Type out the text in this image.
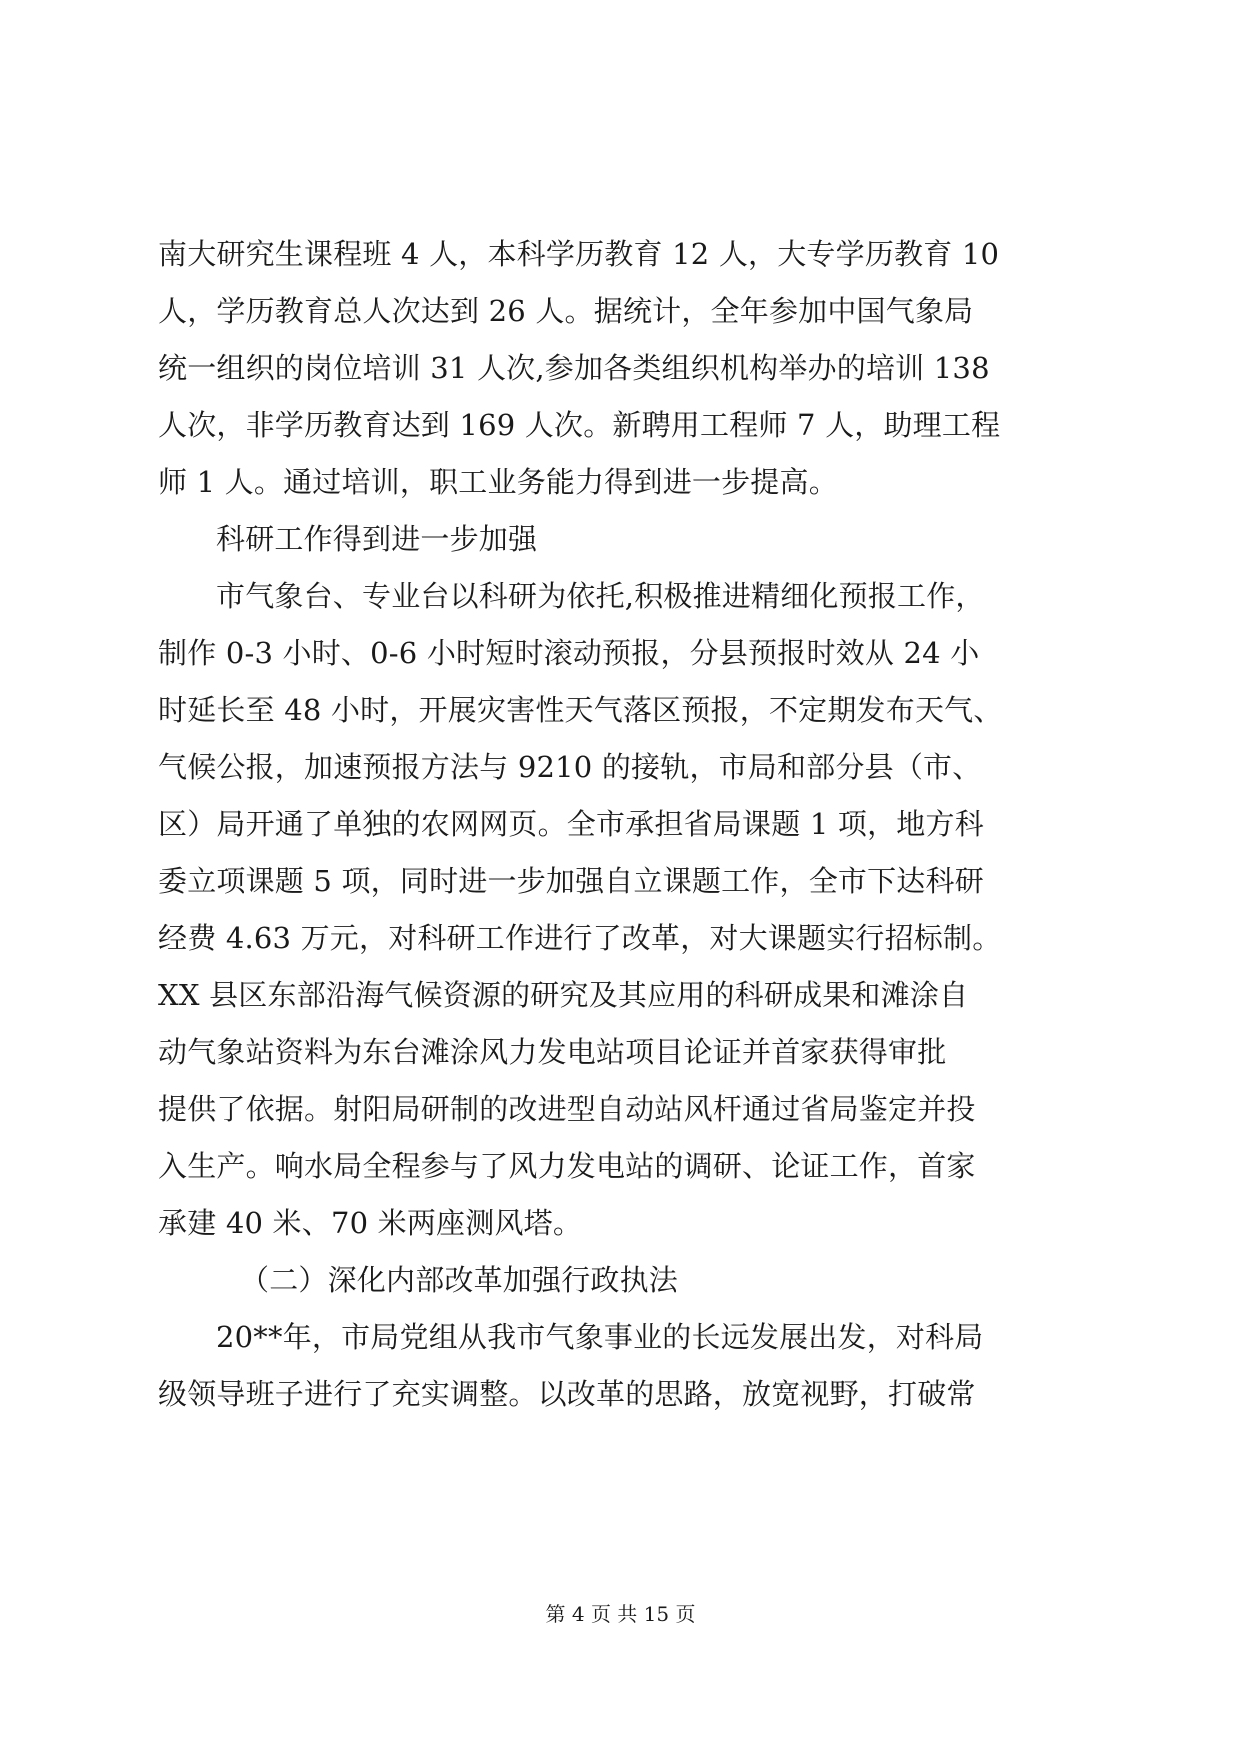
南大研究生课程班 4 人，本科学历教育 12 人，大专学历教育 10
人，学历教育总人次达到 26 人。据统计，全年参加中国气象局
统一组织的岗位培训 31 人次,参加各类组织机构举办的培训 138
人次，非学历教育达到 169 人次。新聘用工程师 7 人，助理工程
师 1 人。通过培训，职工业务能力得到进一步提高。
科研工作得到进一步加强
市气象台、专业台以科研为依托,积极推进精细化预报工作，
制作 0-3 小时、0-6 小时短时滚动预报，分县预报时效从 24 小
时延长至 48 小时，开展灾害性天气落区预报，不定期发布天气、
气候公报，加速预报方法与 9210 的接轨，市局和部分县（市、
区）局开通了单独的农网网页。全市承担省局课题 1 项，地方科
委立项课题 5 项，同时进一步加强自立课题工作，全市下达科研
经费 4.63 万元，对科研工作进行了改革，对大课题实行招标制。
XX 县区东部沿海气候资源的研究及其应用的科研成果和滩涂自
动气象站资料为东台滩涂风力发电站项目论证并首家获得审批
提供了依据。射阳局研制的改进型自动站风杆通过省局鉴定并投
入生产。响水局全程参与了风力发电站的调研、论证工作，首家
承建 40 米、70 米两座测风塔。
（二）深化内部改革加强行政执法
20**年，市局党组从我市气象事业的长远发展出发，对科局
级领导班子进行了充实调整。以改革的思路，放宽视野，打破常
第 4 页 共 15 页
